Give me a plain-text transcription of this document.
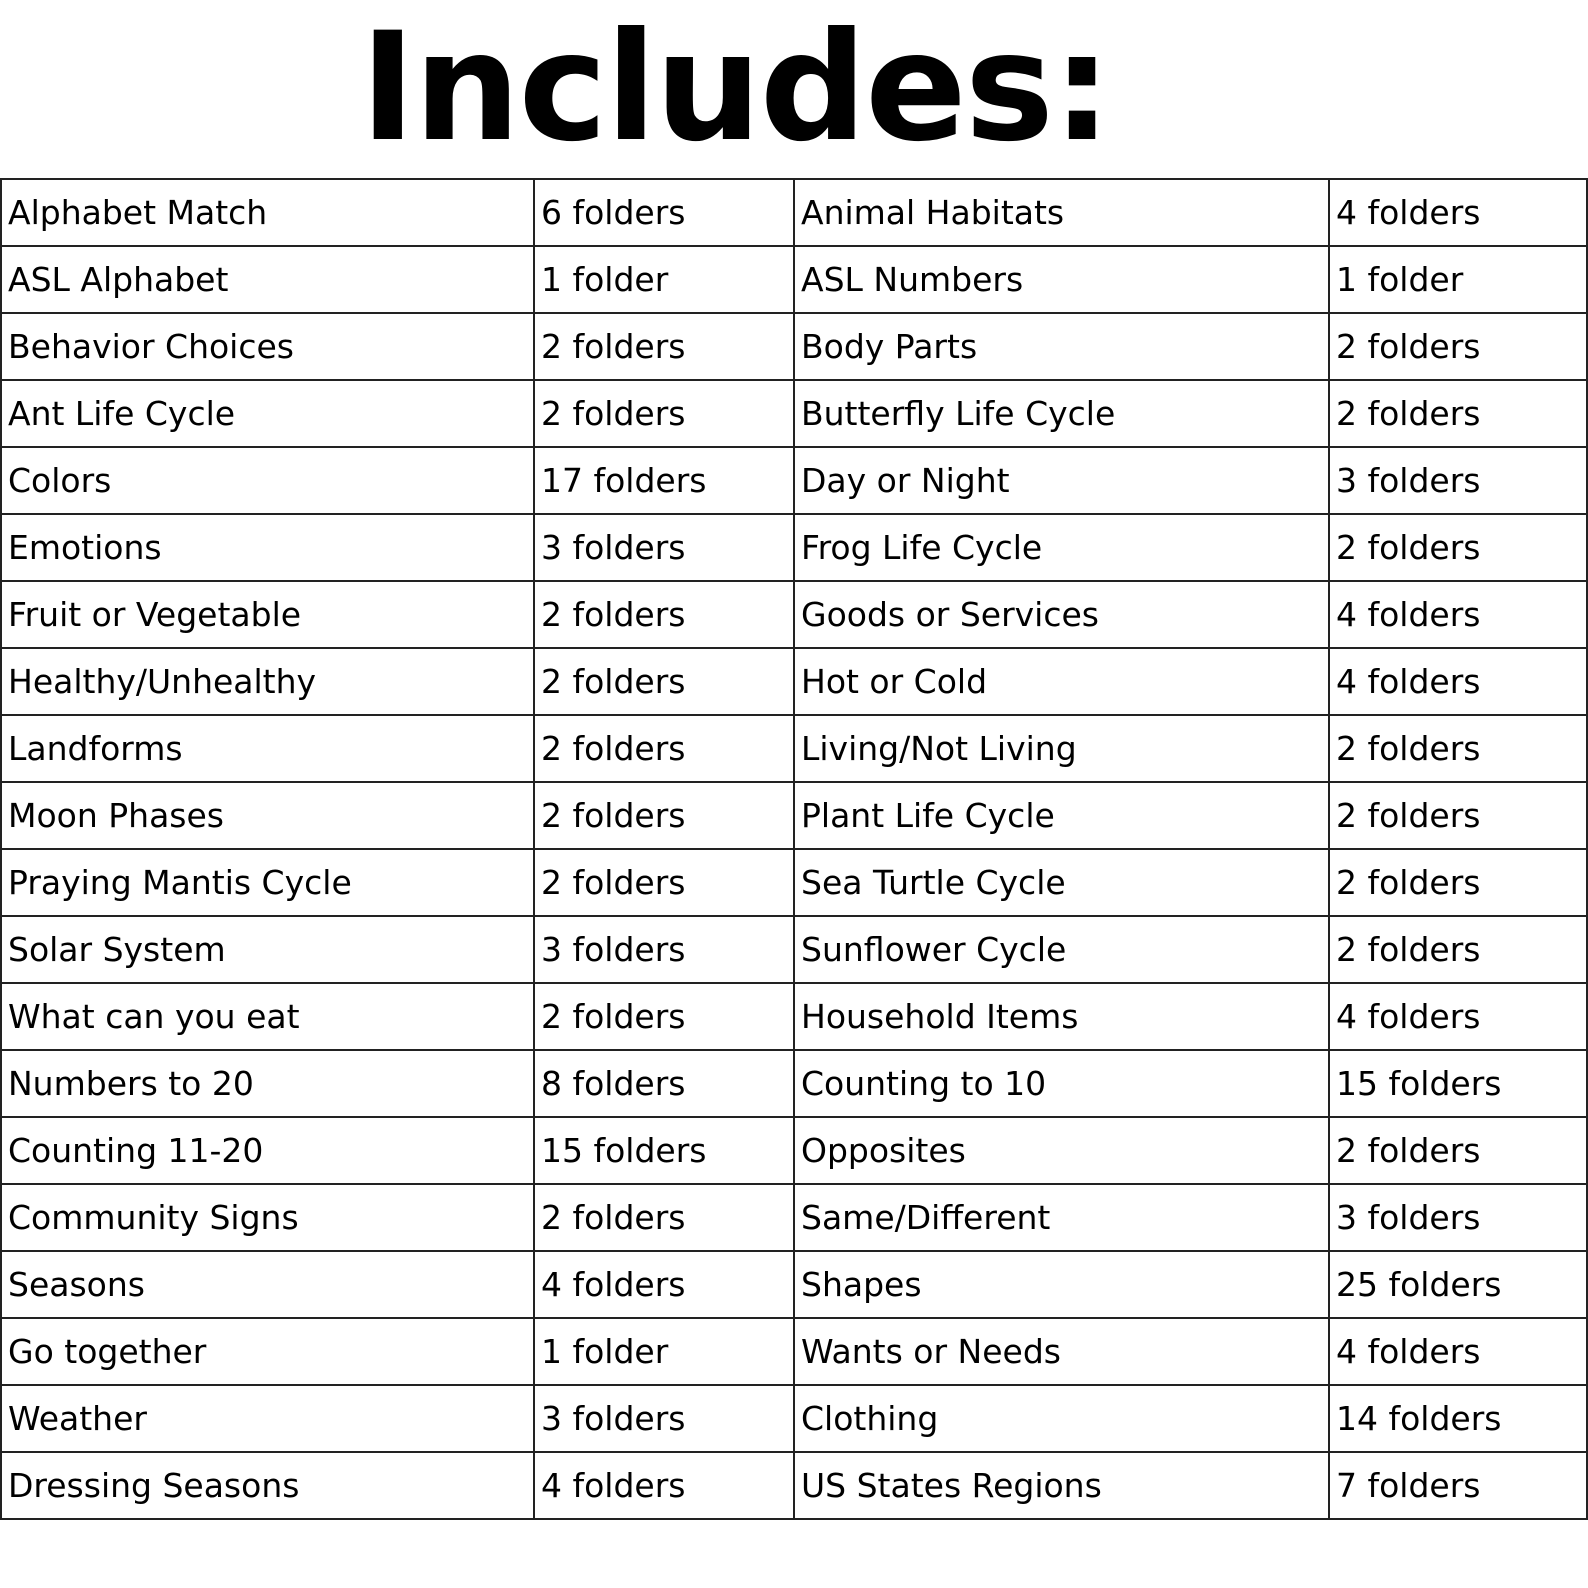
Includes:
Alphabet Match	6 folders	Animal Habitats	4 folders
ASL Alphabet	1 folder	ASL Numbers	1 folder
Behavior Choices	2 folders	Body Parts	2 folders
Ant Life Cycle	2 folders	Butterfly Life Cycle	2 folders
Colors	17 folders	Day or Night	3 folders
Emotions	3 folders	Frog Life Cycle	2 folders
Fruit or Vegetable	2 folders	Goods or Services	4 folders
Healthy/Unhealthy	2 folders	Hot or Cold	4 folders
Landforms	2 folders	Living/Not Living	2 folders
Moon Phases	2 folders	Plant Life Cycle	2 folders
Praying Mantis Cycle	2 folders	Sea Turtle Cycle	2 folders
Solar System	3 folders	Sunflower Cycle	2 folders
What can you eat	2 folders	Household Items	4 folders
Numbers to 20	8 folders	Counting to 10	15 folders
Counting 11-20	15 folders	Opposites	2 folders
Community Signs	2 folders	Same/Different	3 folders
Seasons	4 folders	Shapes	25 folders
Go together	1 folder	Wants or Needs	4 folders
Weather	3 folders	Clothing	14 folders
Dressing Seasons	4 folders	US States Regions	7 folders
